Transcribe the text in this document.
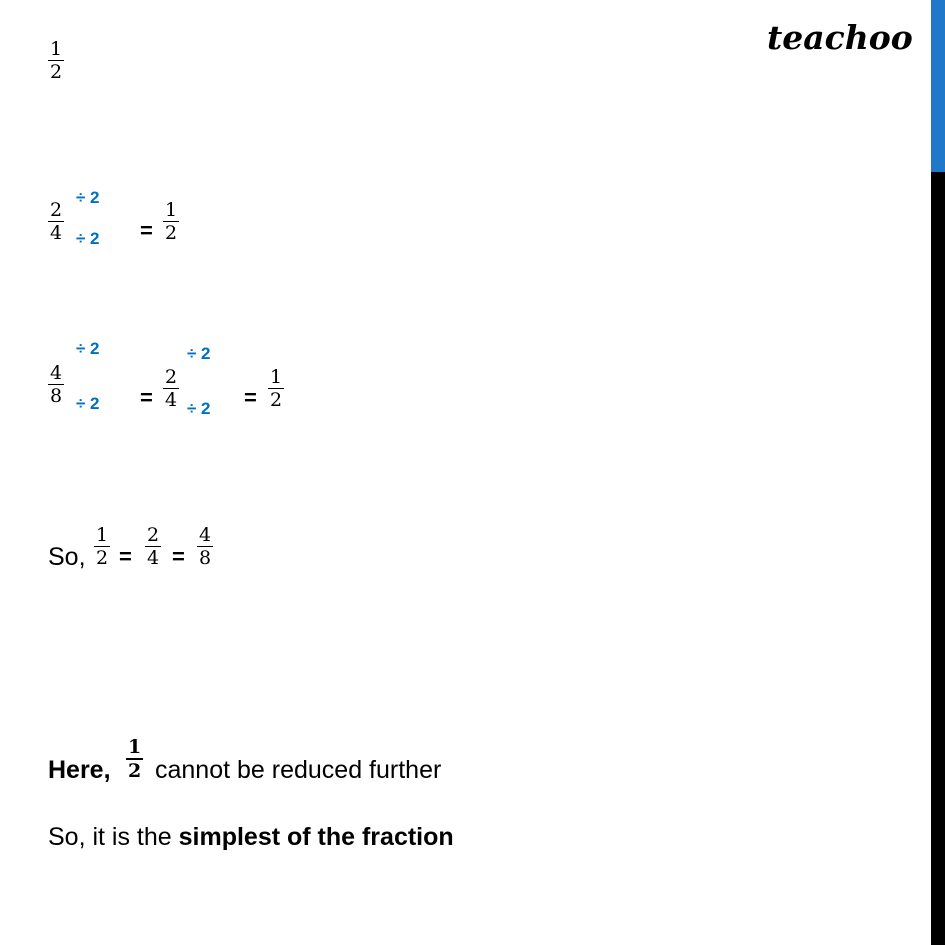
teachoo
1
2
2
4
÷ 2
÷ 2 =
1
2
4
8
÷ 2
÷ 2 =
2
4
÷ 2
÷ 2 =
1
2
So,
1
2 =
2
4 =
4
8
Here,
1
2 cannot be reduced further
So, it is the simplest of the fraction
